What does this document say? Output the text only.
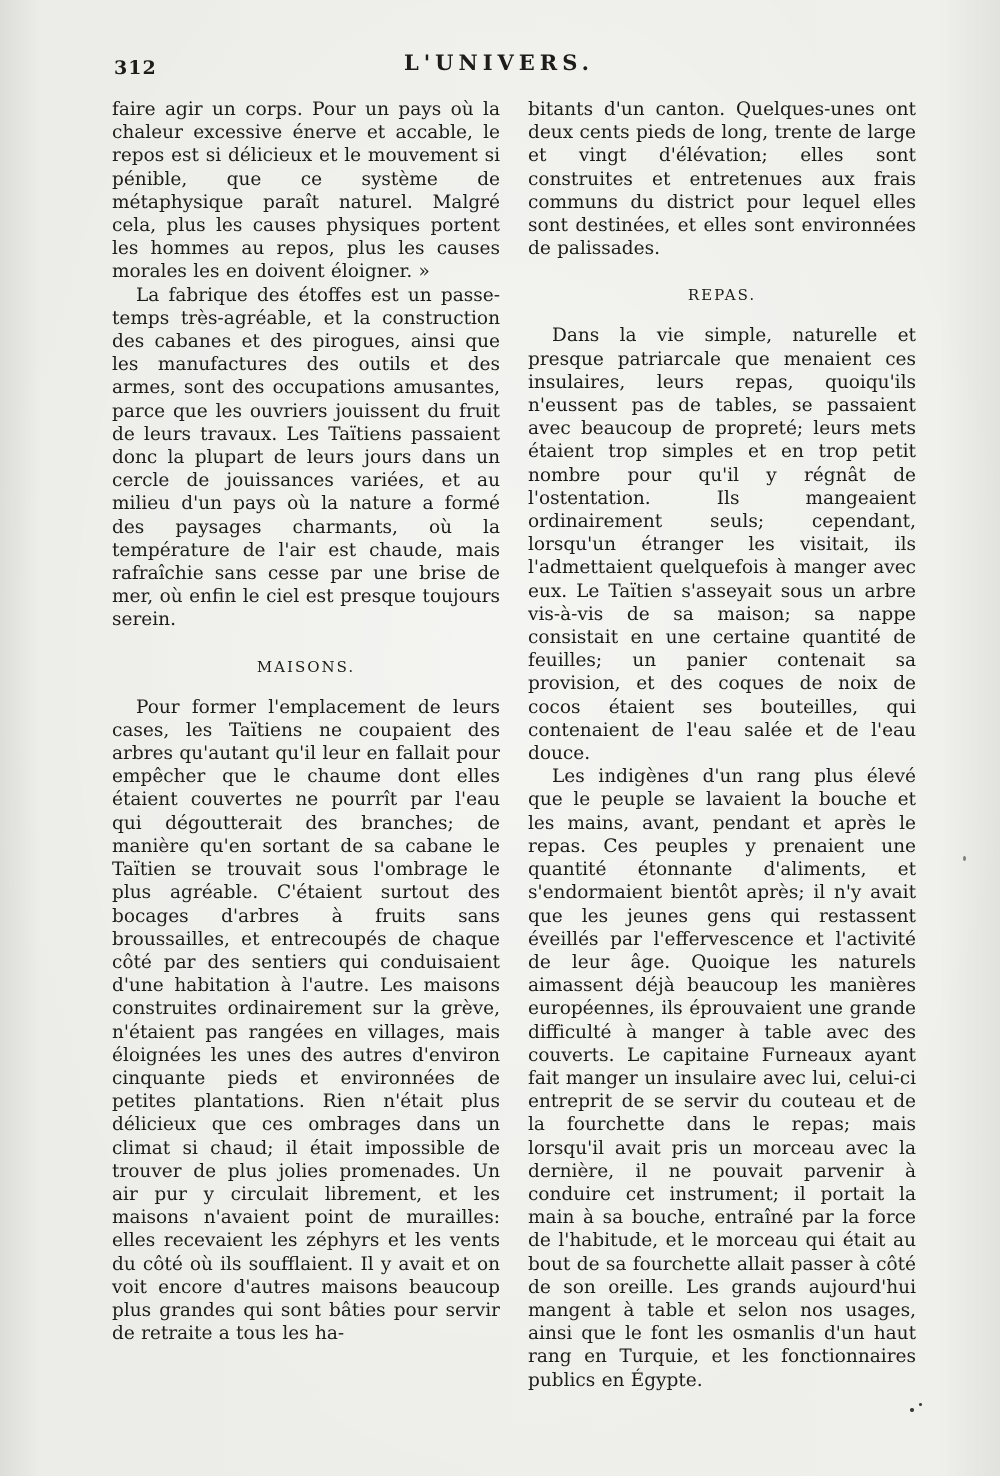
312	L'UNIVERS.

faire agir un corps. Pour un pays où la chaleur excessive énerve et accable, le repos est si délicieux et le mouvement si pénible, que ce système de métaphysique paraît naturel. Malgré cela, plus les causes physiques portent les hommes au repos, plus les causes morales les en doivent éloigner. »

La fabrique des étoffes est un passe-temps très-agréable, et la construction des cabanes et des pirogues, ainsi que les manufactures des outils et des armes, sont des occupations amusantes, parce que les ouvriers jouissent du fruit de leurs travaux. Les Taïtiens passaient donc la plupart de leurs jours dans un cercle de jouissances variées, et au milieu d'un pays où la nature a formé des paysages charmants, où la température de l'air est chaude, mais rafraîchie sans cesse par une brise de mer, où enfin le ciel est presque toujours serein.

MAISONS.

Pour former l'emplacement de leurs cases, les Taïtiens ne coupaient des arbres qu'autant qu'il leur en fallait pour empêcher que le chaume dont elles étaient couvertes ne pourrît par l'eau qui dégoutterait des branches; de manière qu'en sortant de sa cabane le Taïtien se trouvait sous l'ombrage le plus agréable. C'étaient surtout des bocages d'arbres à fruits sans broussailles, et entrecoupés de chaque côté par des sentiers qui conduisaient d'une habitation à l'autre. Les maisons construites ordinairement sur la grève, n'étaient pas rangées en villages, mais éloignées les unes des autres d'environ cinquante pieds et environnées de petites plantations. Rien n'était plus délicieux que ces ombrages dans un climat si chaud; il était impossible de trouver de plus jolies promenades. Un air pur y circulait librement, et les maisons n'avaient point de murailles: elles recevaient les zéphyrs et les vents du côté où ils soufflaient. Il y avait et on voit encore d'autres maisons beaucoup plus grandes qui sont bâties pour servir de retraite a tous les ha-

bitants d'un canton. Quelques-unes ont deux cents pieds de long, trente de large et vingt d'élévation; elles sont construites et entretenues aux frais communs du district pour lequel elles sont destinées, et elles sont environnées de palissades.

REPAS.

Dans la vie simple, naturelle et presque patriarcale que menaient ces insulaires, leurs repas, quoiqu'ils n'eussent pas de tables, se passaient avec beaucoup de propreté; leurs mets étaient trop simples et en trop petit nombre pour qu'il y régnât de l'ostentation. Ils mangeaient ordinairement seuls; cependant, lorsqu'un étranger les visitait, ils l'admettaient quelquefois à manger avec eux. Le Taïtien s'asseyait sous un arbre vis-à-vis de sa maison; sa nappe consistait en une certaine quantité de feuilles; un panier contenait sa provision, et des coques de noix de cocos étaient ses bouteilles, qui contenaient de l'eau salée et de l'eau douce.

Les indigènes d'un rang plus élevé que le peuple se lavaient la bouche et les mains, avant, pendant et après le repas. Ces peuples y prenaient une quantité étonnante d'aliments, et s'endormaient bientôt après; il n'y avait que les jeunes gens qui restassent éveillés par l'effervescence et l'activité de leur âge. Quoique les naturels aimassent déjà beaucoup les manières européennes, ils éprouvaient une grande difficulté à manger à table avec des couverts. Le capitaine Furneaux ayant fait manger un insulaire avec lui, celui-ci entreprit de se servir du couteau et de la fourchette dans le repas; mais lorsqu'il avait pris un morceau avec la dernière, il ne pouvait parvenir à conduire cet instrument; il portait la main à sa bouche, entraîné par la force de l'habitude, et le morceau qui était au bout de sa fourchette allait passer à côté de son oreille. Les grands aujourd'hui mangent à table et selon nos usages, ainsi que le font les osmanlis d'un haut rang en Turquie, et les fonctionnaires publics en Égypte.
